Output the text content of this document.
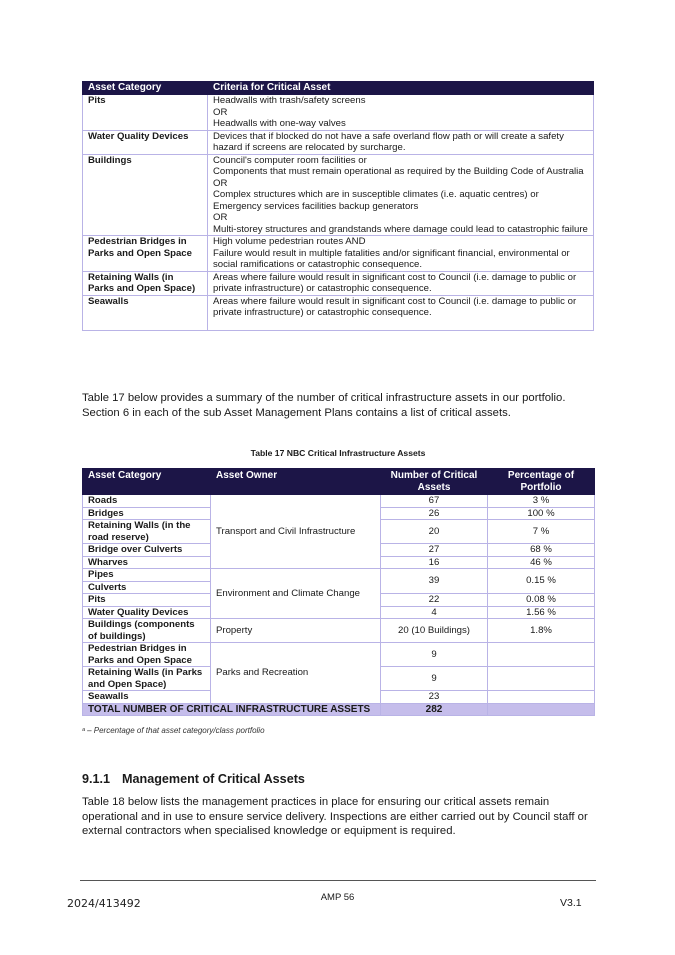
Asset Category	Criteria for Critical Asset
Pits	Headwalls with trash/safety screens
OR
Headwalls with one-way valves

Water Quality Devices	Devices that if blocked do not have a safe overland flow path or will create a safety hazard if screens are relocated by surcharge.

Buildings	Council's computer room facilities or
Components that must remain operational as required by the Building Code of Australia
OR
Complex structures which are in susceptible climates (i.e. aquatic centres) or
Emergency services facilities backup generators
OR
Multi-storey structures and grandstands where damage could lead to catastrophic failure

Pedestrian Bridges in Parks and Open Space	High volume pedestrian routes AND
Failure would result in multiple fatalities and/or significant financial, environmental or social ramifications or catastrophic consequence.

Retaining Walls (in Parks and Open Space)	Areas where failure would result in significant cost to Council (i.e. damage to public or private infrastructure) or catastrophic consequence.

Seawalls	Areas where failure would result in significant cost to Council (i.e. damage to public or private infrastructure) or catastrophic consequence.
Table 17 below provides a summary of the number of critical infrastructure assets in our portfolio. Section 6 in each of the sub Asset Management Plans contains a list of critical assets.
Table 17 NBC Critical Infrastructure Assets
Asset Category	Asset Owner	Number of Critical Assets	Percentage of Portfolio
Roads	Transport and Civil Infrastructure	67	3 %
Bridges		26	100 %
Retaining Walls (in the road reserve)		20	7 %
Bridge over Culverts		27	68 %
Wharves		16	46 %
Pipes	Environment and Climate Change	39	0.15 %
Culverts			
Pits		22	0.08 %
Water Quality Devices		4	1.56 %
Buildings (components of buildings)	Property	20 (10 Buildings)	1.8%
Pedestrian Bridges in Parks and Open Space	Parks and Recreation	9	
Retaining Walls (in Parks and Open Space)		9	
Seawalls		23	
TOTAL NUMBER OF CRITICAL INFRASTRUCTURE ASSETS		282	
ᵃ – Percentage of that asset category/class portfolio
9.1.1 Management of Critical Assets
Table 18 below lists the management practices in place for ensuring our critical assets remain operational and in use to ensure service delivery. Inspections are either carried out by Council staff or external contractors when specialised knowledge or equipment is required.
2024/413492	AMP 56	V3.1
